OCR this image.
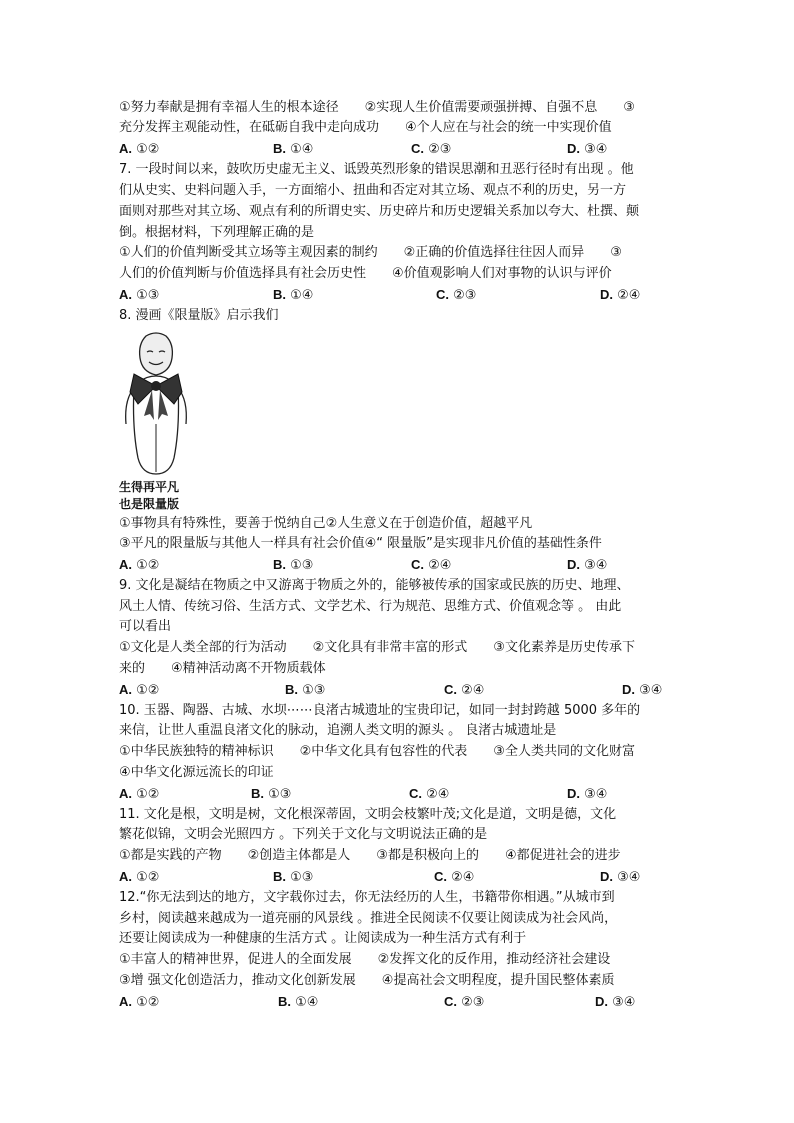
①努力奉献是拥有幸福人生的根本途径　　②实现人生价值需要顽强拼搏、自强不息　　③
充分发挥主观能动性，在砥砺自我中走向成功　　④个人应在与社会的统一中实现价值
A. ①②	B. ①④	C. ②③	D. ③④
7. 一段时间以来，鼓吹历史虚无主义、诋毁英烈形象的错误思潮和丑恶行径时有出现 。他
们从史实、史料问题入手，一方面缩小、扭曲和否定对其立场、观点不利的历史，另一方
面则对那些对其立场、观点有利的所谓史实、历史碎片和历史逻辑关系加以夸大、杜撰、颠
倒。根据材料，下列理解正确的是
①人们的价值判断受其立场等主观因素的制约　　②正确的价值选择往往因人而异　　③
人们的价值判断与价值选择具有社会历史性　　④价值观影响人们对事物的认识与评价
A. ①③	B. ①④	C. ②③	D. ②④
8. 漫画《限量版》启示我们
生得再平凡
也是限量版
①事物具有特殊性，要善于悦纳自己②人生意义在于创造价值，超越平凡
③平凡的限量版与其他人一样具有社会价值④“ 限量版”是实现非凡价值的基础性条件
A. ①②	B. ①③	C. ②④	D. ③④
9. 文化是凝结在物质之中又游离于物质之外的，能够被传承的国家或民族的历史、地理、
风土人情、传统习俗、生活方式、文学艺术、行为规范、思维方式、价值观念等 。 由此
可以看出
①文化是人类全部的行为活动　　②文化具有非常丰富的形式　　③文化素养是历史传承下
来的　　④精神活动离不开物质载体
A. ①②	B. ①③	C. ②④	D. ③④
10. 玉器、陶器、古城、水坝⋯⋯良渚古城遗址的宝贵印记，如同一封封跨越 5000 多年的
来信，让世人重温良渚文化的脉动，追溯人类文明的源头 。 良渚古城遗址是
①中华民族独特的精神标识　　②中华文化具有包容性的代表　　③全人类共同的文化财富
④中华文化源远流长的印证
A. ①②	B. ①③	C. ②④	D. ③④
11. 文化是根，文明是树，文化根深蒂固，文明会枝繁叶茂;文化是道，文明是德，文化
繁花似锦，文明会光照四方 。下列关于文化与文明说法正确的是
①都是实践的产物　　②创造主体都是人　　③都是积极向上的　　④都促进社会的进步
A. ①②	B. ①③	C. ②④	D. ③④
12.“你无法到达的地方，文字载你过去，你无法经历的人生，书籍带你相遇。”从城市到
乡村，阅读越来越成为一道亮丽的风景线 。推进全民阅读不仅要让阅读成为社会风尚，
还要让阅读成为一种健康的生活方式 。让阅读成为一种生活方式有利于
①丰富人的精神世界，促进人的全面发展　　②发挥文化的反作用，推动经济社会建设
③增 强文化创造活力，推动文化创新发展　　④提高社会文明程度，提升国民整体素质
A. ①②	B. ①④	C. ②③	D. ③④
